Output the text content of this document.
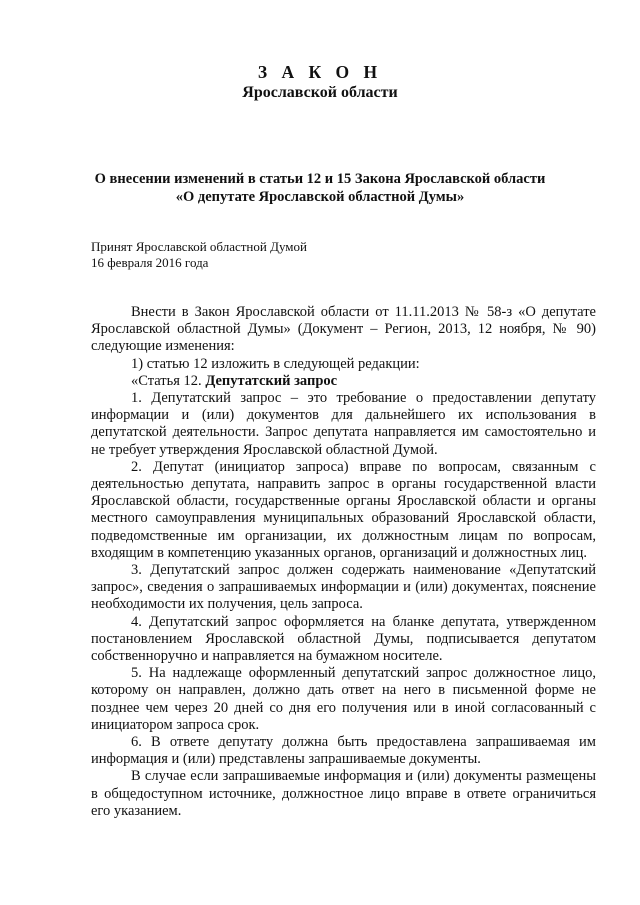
З А К О Н
Ярославской области
О внесении изменений в статьи 12 и 15 Закона Ярославской области
«О депутате Ярославской областной Думы»
Принят Ярославской областной Думой
16 февраля 2016 года

Внести в Закон Ярославской области от 11.11.2013 № 58-з «О депутате Ярославской областной Думы» (Документ – Регион, 2013, 12 ноября, № 90) следующие изменения:

1) статью 12 изложить в следующей редакции:

«Статья 12. Депутатский запрос

1. Депутатский запрос – это требование о предоставлении депутату информации и (или) документов для дальнейшего их использования в депутатской деятельности. Запрос депутата направляется им самостоятельно и не требует утверждения Ярославской областной Думой.

2. Депутат (инициатор запроса) вправе по вопросам, связанным с деятельностью депутата, направить запрос в органы государственной власти Ярославской области, государственные органы Ярославской области и органы местного самоуправления муниципальных образований Ярославской области, подведомственные им организации, их должностным лицам по вопросам, входящим в компетенцию указанных органов, организаций и должностных лиц.

3. Депутатский запрос должен содержать наименование «Депутатский запрос», сведения о запрашиваемых информации и (или) документах, пояснение необходимости их получения, цель запроса.

4. Депутатский запрос оформляется на бланке депутата, утвержденном постановлением Ярославской областной Думы, подписывается депутатом собственноручно и направляется на бумажном носителе.

5. На надлежаще оформленный депутатский запрос должностное лицо, которому он направлен, должно дать ответ на него в письменной форме не позднее чем через 20 дней со дня его получения или в иной согласованный с инициатором запроса срок.

6. В ответе депутату должна быть предоставлена запрашиваемая им информация и (или) представлены запрашиваемые документы.

В случае если запрашиваемые информация и (или) документы размещены в общедоступном источнике, должностное лицо вправе в ответе ограничиться его указанием.
